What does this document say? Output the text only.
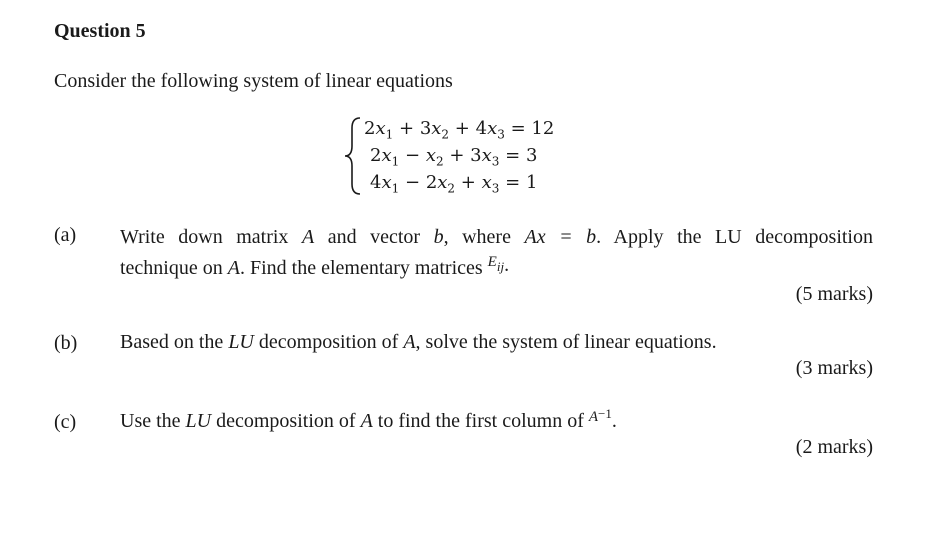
Question 5
Consider the following system of linear equations
$2x_1 + 3x_2 + 4x_3 = 12$
$2x_1 - x_2 + 3x_3 = 3$
$4x_1 - 2x_2 + x_3 = 1$
(a) Write down matrix A and vector b, where Ax = b. Apply the LU decomposition
technique on A. Find the elementary matrices $^E$ij.
(5 marks)
(b) Based on the LU decomposition of A, solve the system of linear equations.
(3 marks)
(c) Use the LU decomposition of A to find the first column of $^{A-1}$.
(2 marks)
